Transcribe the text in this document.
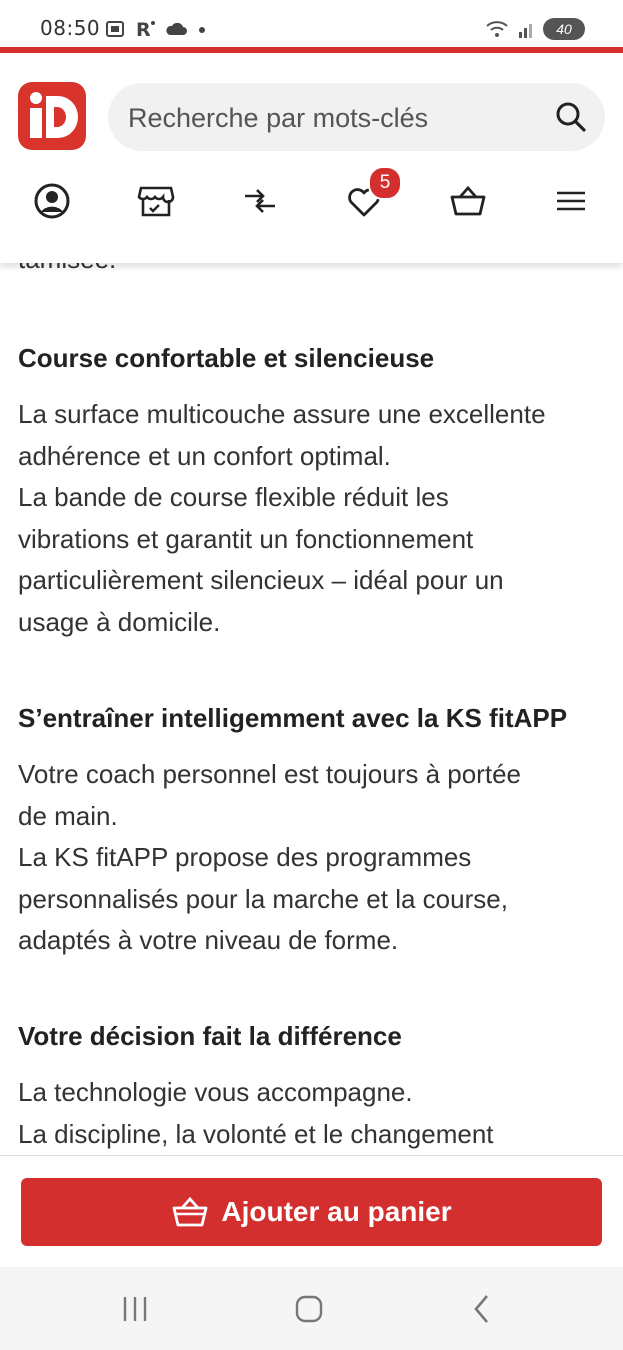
08:50 R	40
Recherche par mots-clés
5
Course confortable et silencieuse
La surface multicouche assure une excellente
adhérence et un confort optimal.
La bande de course flexible réduit les
vibrations et garantit un fonctionnement
particulièrement silencieux – idéal pour un
usage à domicile.
S’entraîner intelligemment avec la KS fitAPP
Votre coach personnel est toujours à portée
de main.
La KS fitAPP propose des programmes
personnalisés pour la marche et la course,
adaptés à votre niveau de forme.
Votre décision fait la différence
La technologie vous accompagne.
La discipline, la volonté et le changement
Ajouter au panier
